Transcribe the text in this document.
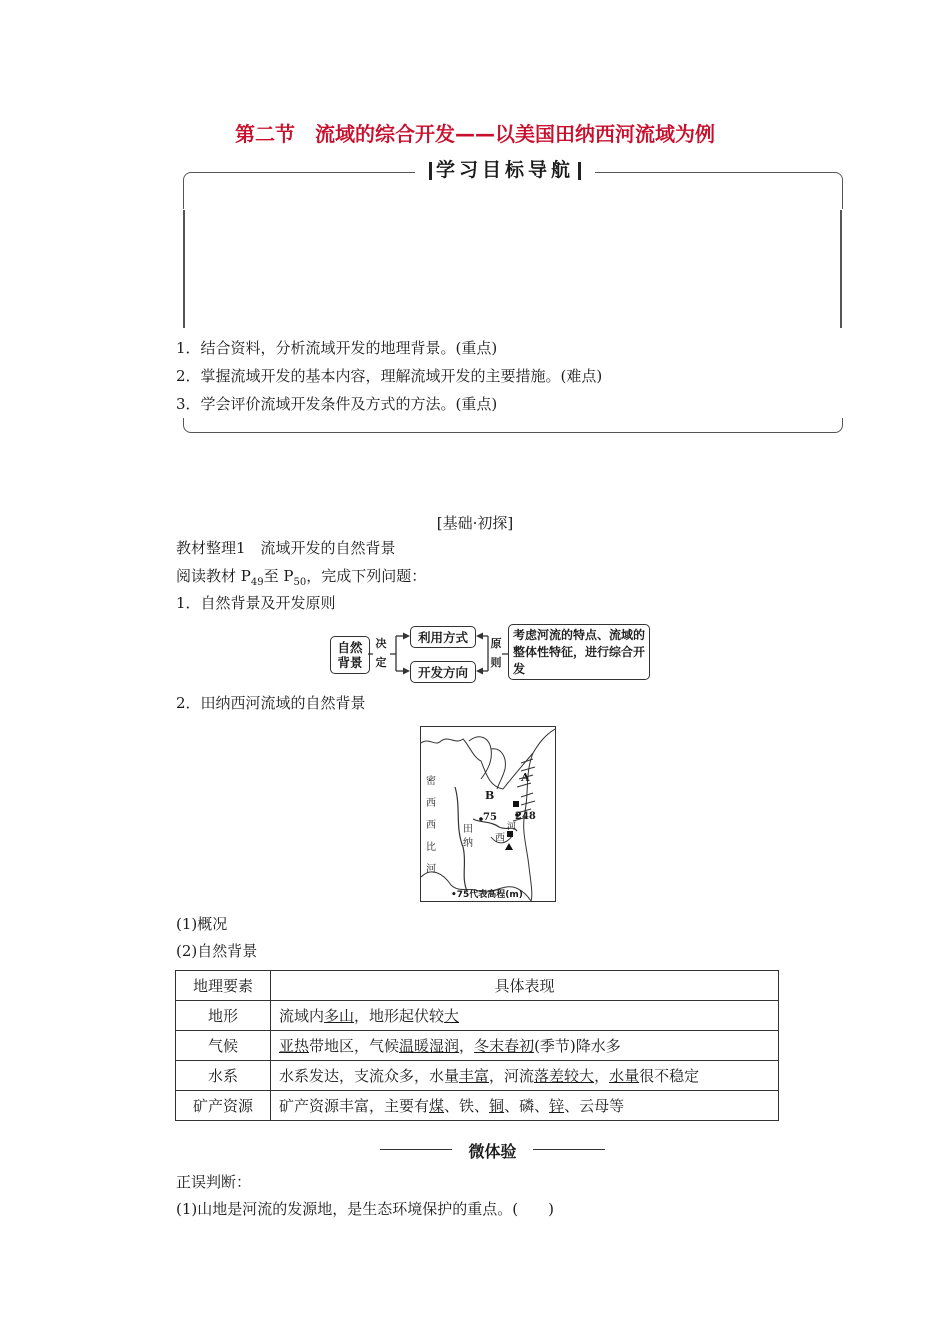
第二节　流域的综合开发——以美国田纳西河流域为例
学习目标导航
1．结合资料，分析流域开发的地理背景。(重点)
2．掌握流域开发的基本内容，理解流域开发的主要措施。(难点)
3．学会评价流域开发条件及方式的方法。(重点)
[基础·初探]
教材整理1　流域开发的自然背景
阅读教材 $P_{49}$至 $P_{50}$，完成下列问题：
1．自然背景及开发原则
自然背景
决定
利用方式
开发方向
原则
考虑河流的特点、流域的整体性特征，进行综合开发
2．田纳西河流域的自然背景
密
西
西
比
河
田
纳 西
河
A
B
75 248
•75代表高程(m)
(1)概况
(2)自然背景
地理要素	具体表现
地形	流域内多山，地形起伏较大
气候	亚热带地区，气候温暖湿润，冬末春初(季节)降水多
水系	水系发达，支流众多，水量丰富，河流落差较大，水量很不稳定
矿产资源	矿产资源丰富，主要有煤、铁、铜、磷、锌、云母等
微体验
正误判断：
(1)山地是河流的发源地，是生态环境保护的重点。(　　)
